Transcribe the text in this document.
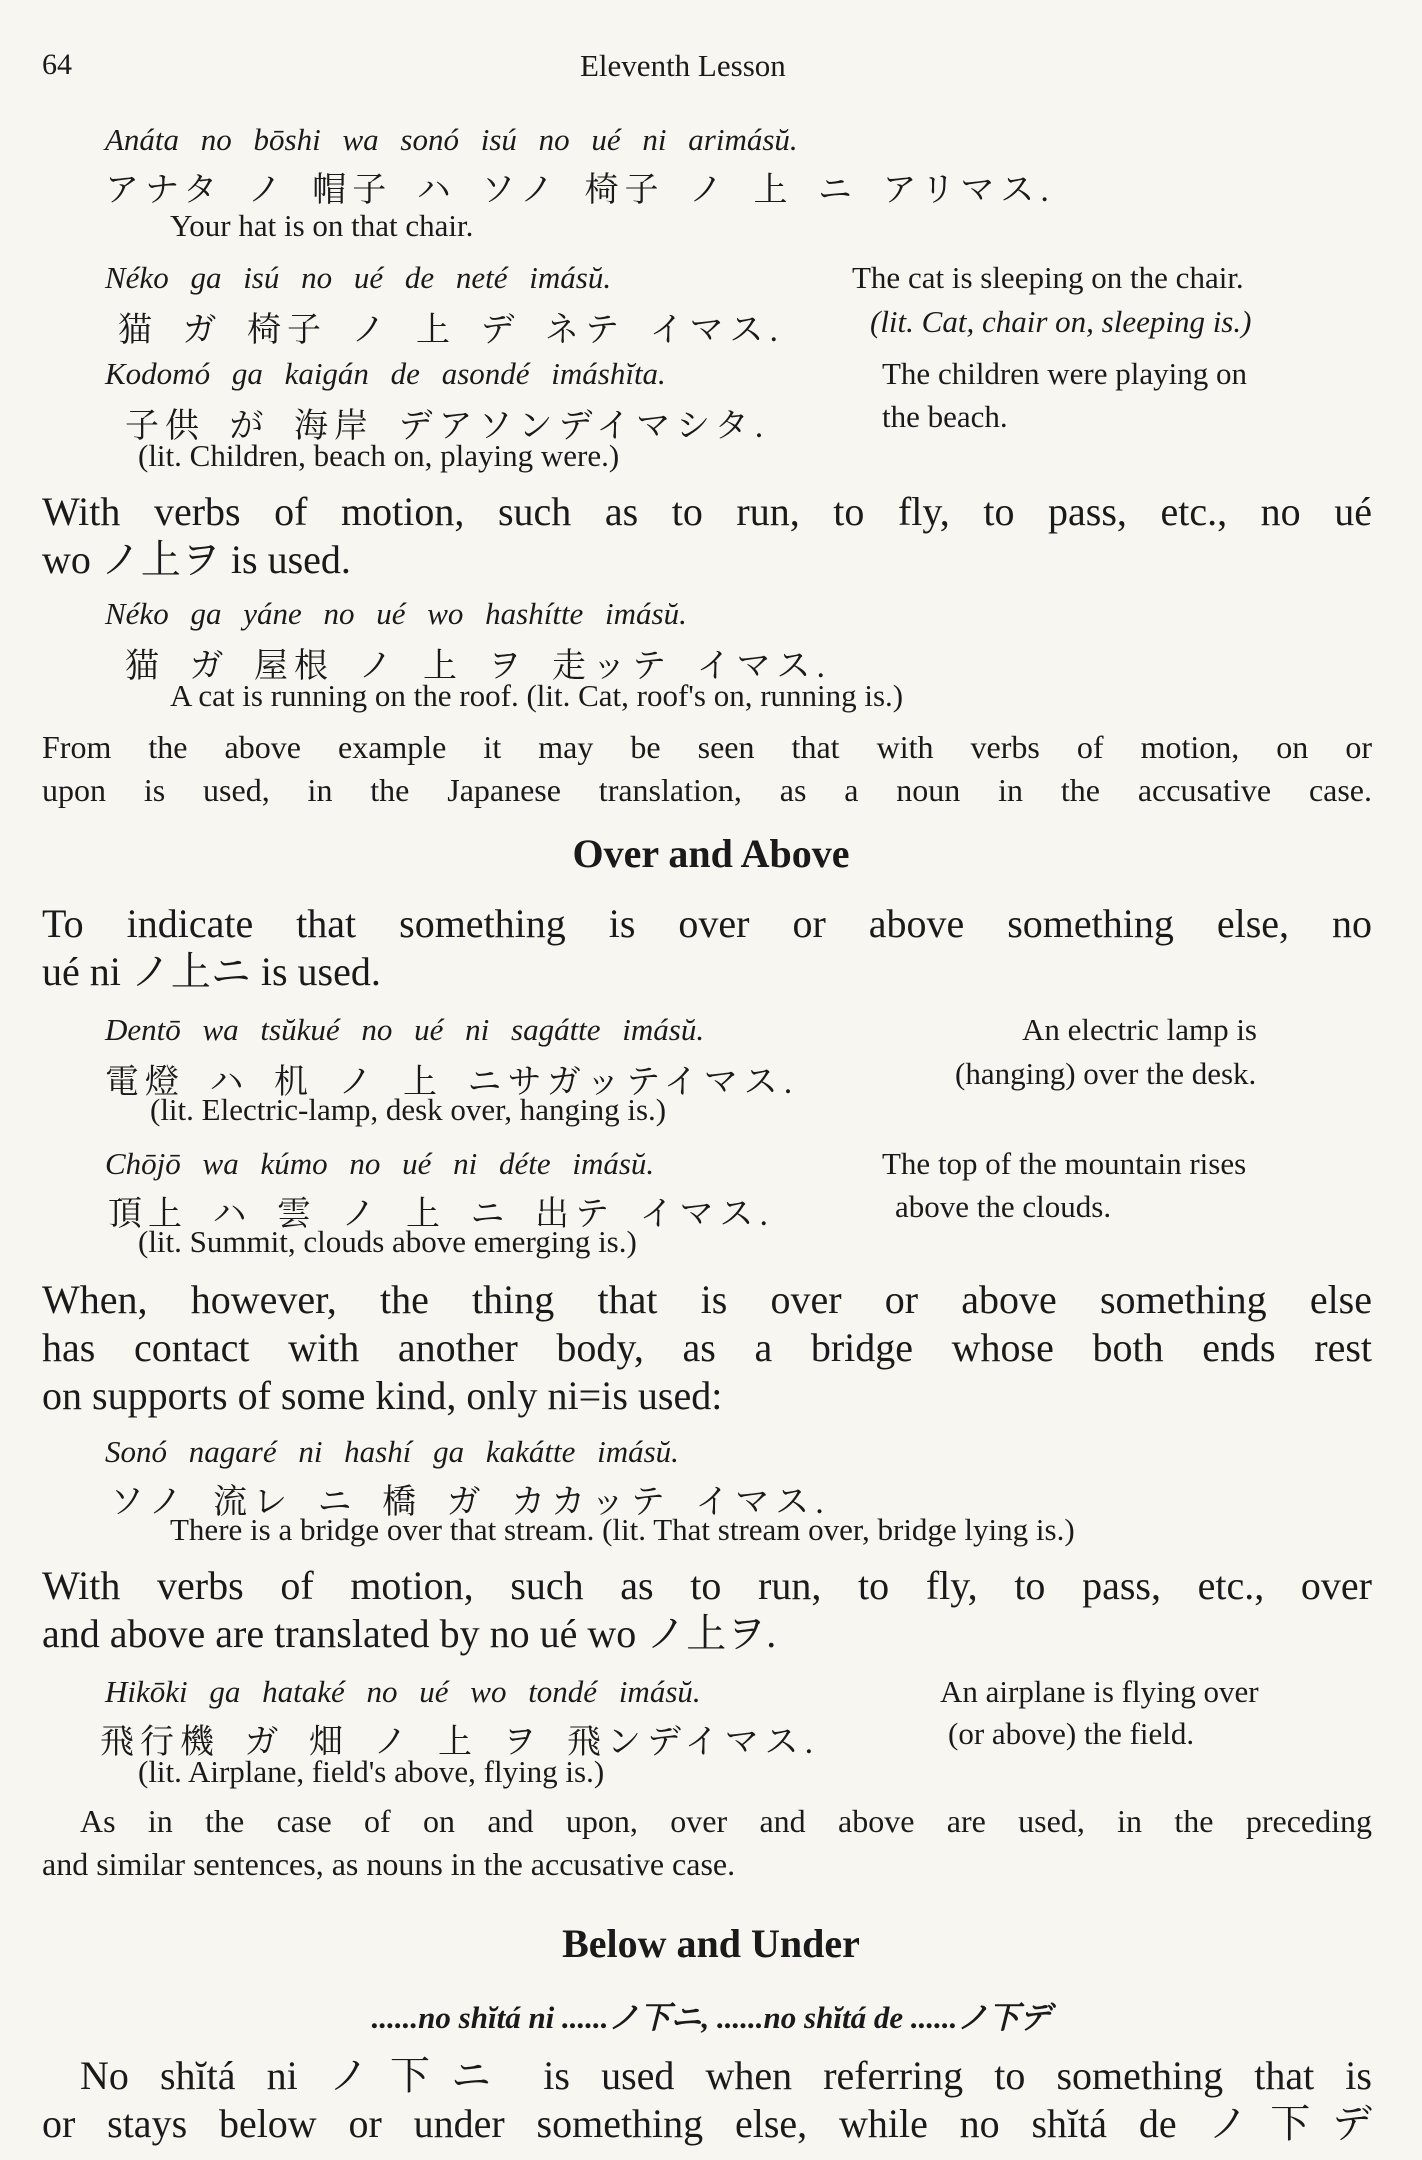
64	Eleventh Lesson
Anáta no bōshi wa sonó isú no ué ni arimásŭ.
アナタ ノ 帽子 ハ ソノ 椅子 ノ 上 ニ アリマス.
Your hat is on that chair.
Néko ga isú no ué de neté imásŭ.	The cat is sleeping on the chair.
猫 ガ 椅子 ノ 上 デ ネテ イマス.	(lit. Cat, chair on, sleeping is.)
Kodomó ga kaigán de asondé imáshĭta.	The children were playing on
子供 が 海岸 デアソンデイマシタ.	the beach.
(lit. Children, beach on, playing were.)
With verbs of motion, such as to run, to fly, to pass, etc., no ué
wo ノ上ヲ is used.
Néko ga yáne no ué wo hashítte imásŭ.
猫 ガ 屋根 ノ 上 ヲ 走ッテ イマス.
A cat is running on the roof. (lit. Cat, roof's on, running is.)
From the above example it may be seen that with verbs of motion, on or
upon is used, in the Japanese translation, as a noun in the accusative case.
Over and Above
To indicate that something is over or above something else, no
ué ni ノ上ニ is used.
Dentō wa tsŭkué no ué ni sagátte imásŭ.	An electric lamp is
電燈 ハ 机 ノ 上 ニサガッテイマス.	(hanging) over the desk.
(lit. Electric-lamp, desk over, hanging is.)
Chōjō wa kúmo no ué ni déte imásŭ.	The top of the mountain rises
頂上 ハ 雲 ノ 上 ニ 出テ イマス.	above the clouds.
(lit. Summit, clouds above emerging is.)
When, however, the thing that is over or above something else
has contact with another body, as a bridge whose both ends rest
on supports of some kind, only ni=is used:
Sonó nagaré ni hashí ga kakátte imásŭ.
ソノ 流レ ニ 橋 ガ カカッテ イマス.
There is a bridge over that stream. (lit. That stream over, bridge lying is.)
With verbs of motion, such as to run, to fly, to pass, etc., over
and above are translated by no ué wo ノ上ヲ.
Hikōki ga hataké no ué wo tondé imásŭ.	An airplane is flying over
飛行機 ガ 畑 ノ 上 ヲ 飛ンデイマス.	(or above) the field.
(lit. Airplane, field's above, flying is.)
As in the case of on and upon, over and above are used, in the preceding
and similar sentences, as nouns in the accusative case.
Below and Under
......no shĭtá ni ......ノ下ニ, ......no shĭtá de ......ノ下デ
No shĭtá ni ノ下ニ is used when referring to something that is
or stays below or under something else, while no shĭtá de ノ下デ
